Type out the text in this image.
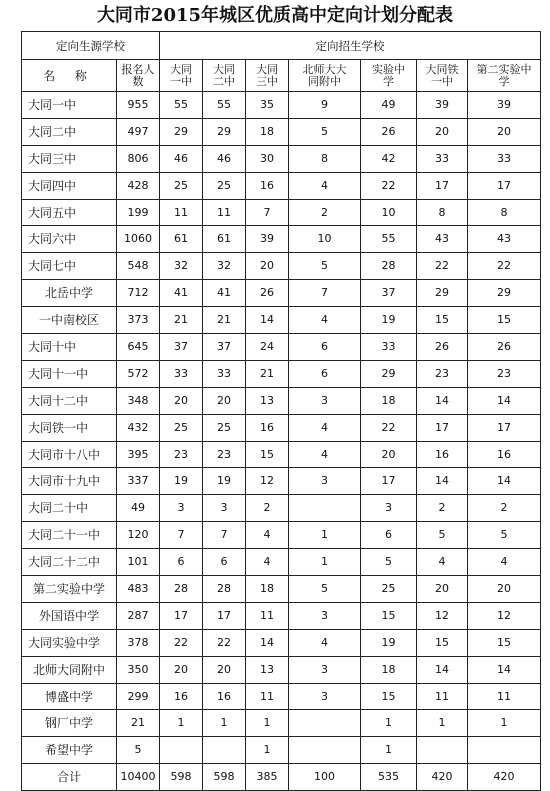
大同市2015年城区优质高中定向计划分配表
定向生源学校		定向招生学校						
名 称	报名人数	大同一中	大同二中	大同三中	北师大大同附中	实验中学	大同铁一中	第二实验中学
大同一中	955	55	55	35	9	49	39	39
大同二中	497	29	29	18	5	26	20	20
大同三中	806	46	46	30	8	42	33	33
大同四中	428	25	25	16	4	22	17	17
大同五中	199	11	11	7	2	10	8	8
大同六中	1060	61	61	39	10	55	43	43
大同七中	548	32	32	20	5	28	22	22
北岳中学	712	41	41	26	7	37	29	29
一中南校区	373	21	21	14	4	19	15	15
大同十中	645	37	37	24	6	33	26	26
大同十一中	572	33	33	21	6	29	23	23
大同十二中	348	20	20	13	3	18	14	14
大同铁一中	432	25	25	16	4	22	17	17
大同市十八中	395	23	23	15	4	20	16	16
大同市十九中	337	19	19	12	3	17	14	14
大同二十中	49	3	3	2		3	2	2
大同二十一中	120	7	7	4	1	6	5	5
大同二十二中	101	6	6	4	1	5	4	4
第二实验中学	483	28	28	18	5	25	20	20
外国语中学	287	17	17	11	3	15	12	12
大同实验中学	378	22	22	14	4	19	15	15
北师大同附中	350	20	20	13	3	18	14	14
博盛中学	299	16	16	11	3	15	11	11
钢厂中学	21	1	1	1		1	1	1
希望中学	5			1		1		
合计	10400	598	598	385	100	535	420	420
